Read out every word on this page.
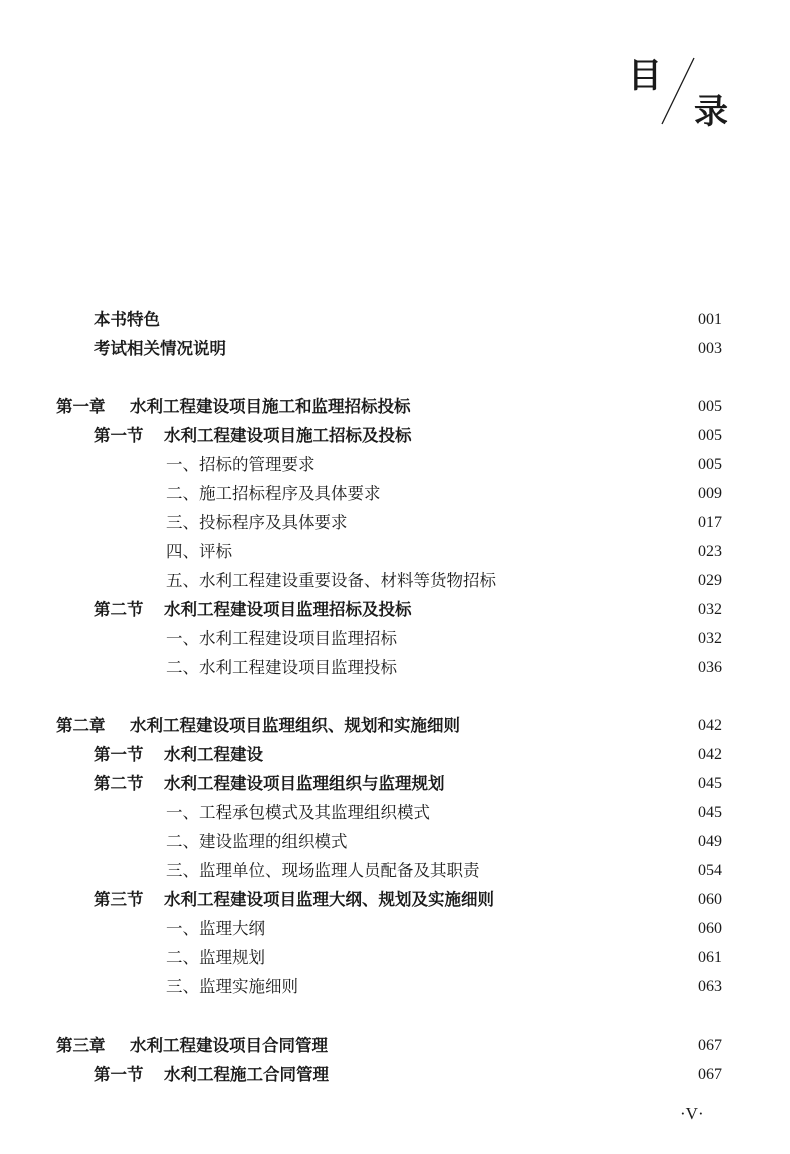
目
录
本书特色	001
考试相关情况说明	003
第一章 水利工程建设项目施工和监理招标投标	005
第一节 水利工程建设项目施工招标及投标	005
一、招标的管理要求	005
二、施工招标程序及具体要求	009
三、投标程序及具体要求	017
四、评标	023
五、水利工程建设重要设备、材料等货物招标	029
第二节 水利工程建设项目监理招标及投标	032
一、水利工程建设项目监理招标	032
二、水利工程建设项目监理投标	036
第二章 水利工程建设项目监理组织、规划和实施细则	042
第一节 水利工程建设	042
第二节 水利工程建设项目监理组织与监理规划	045
一、工程承包模式及其监理组织模式	045
二、建设监理的组织模式	049
三、监理单位、现场监理人员配备及其职责	054
第三节 水利工程建设项目监理大纲、规划及实施细则	060
一、监理大纲	060
二、监理规划	061
三、监理实施细则	063
第三章 水利工程建设项目合同管理	067
第一节 水利工程施工合同管理	067
·V·
